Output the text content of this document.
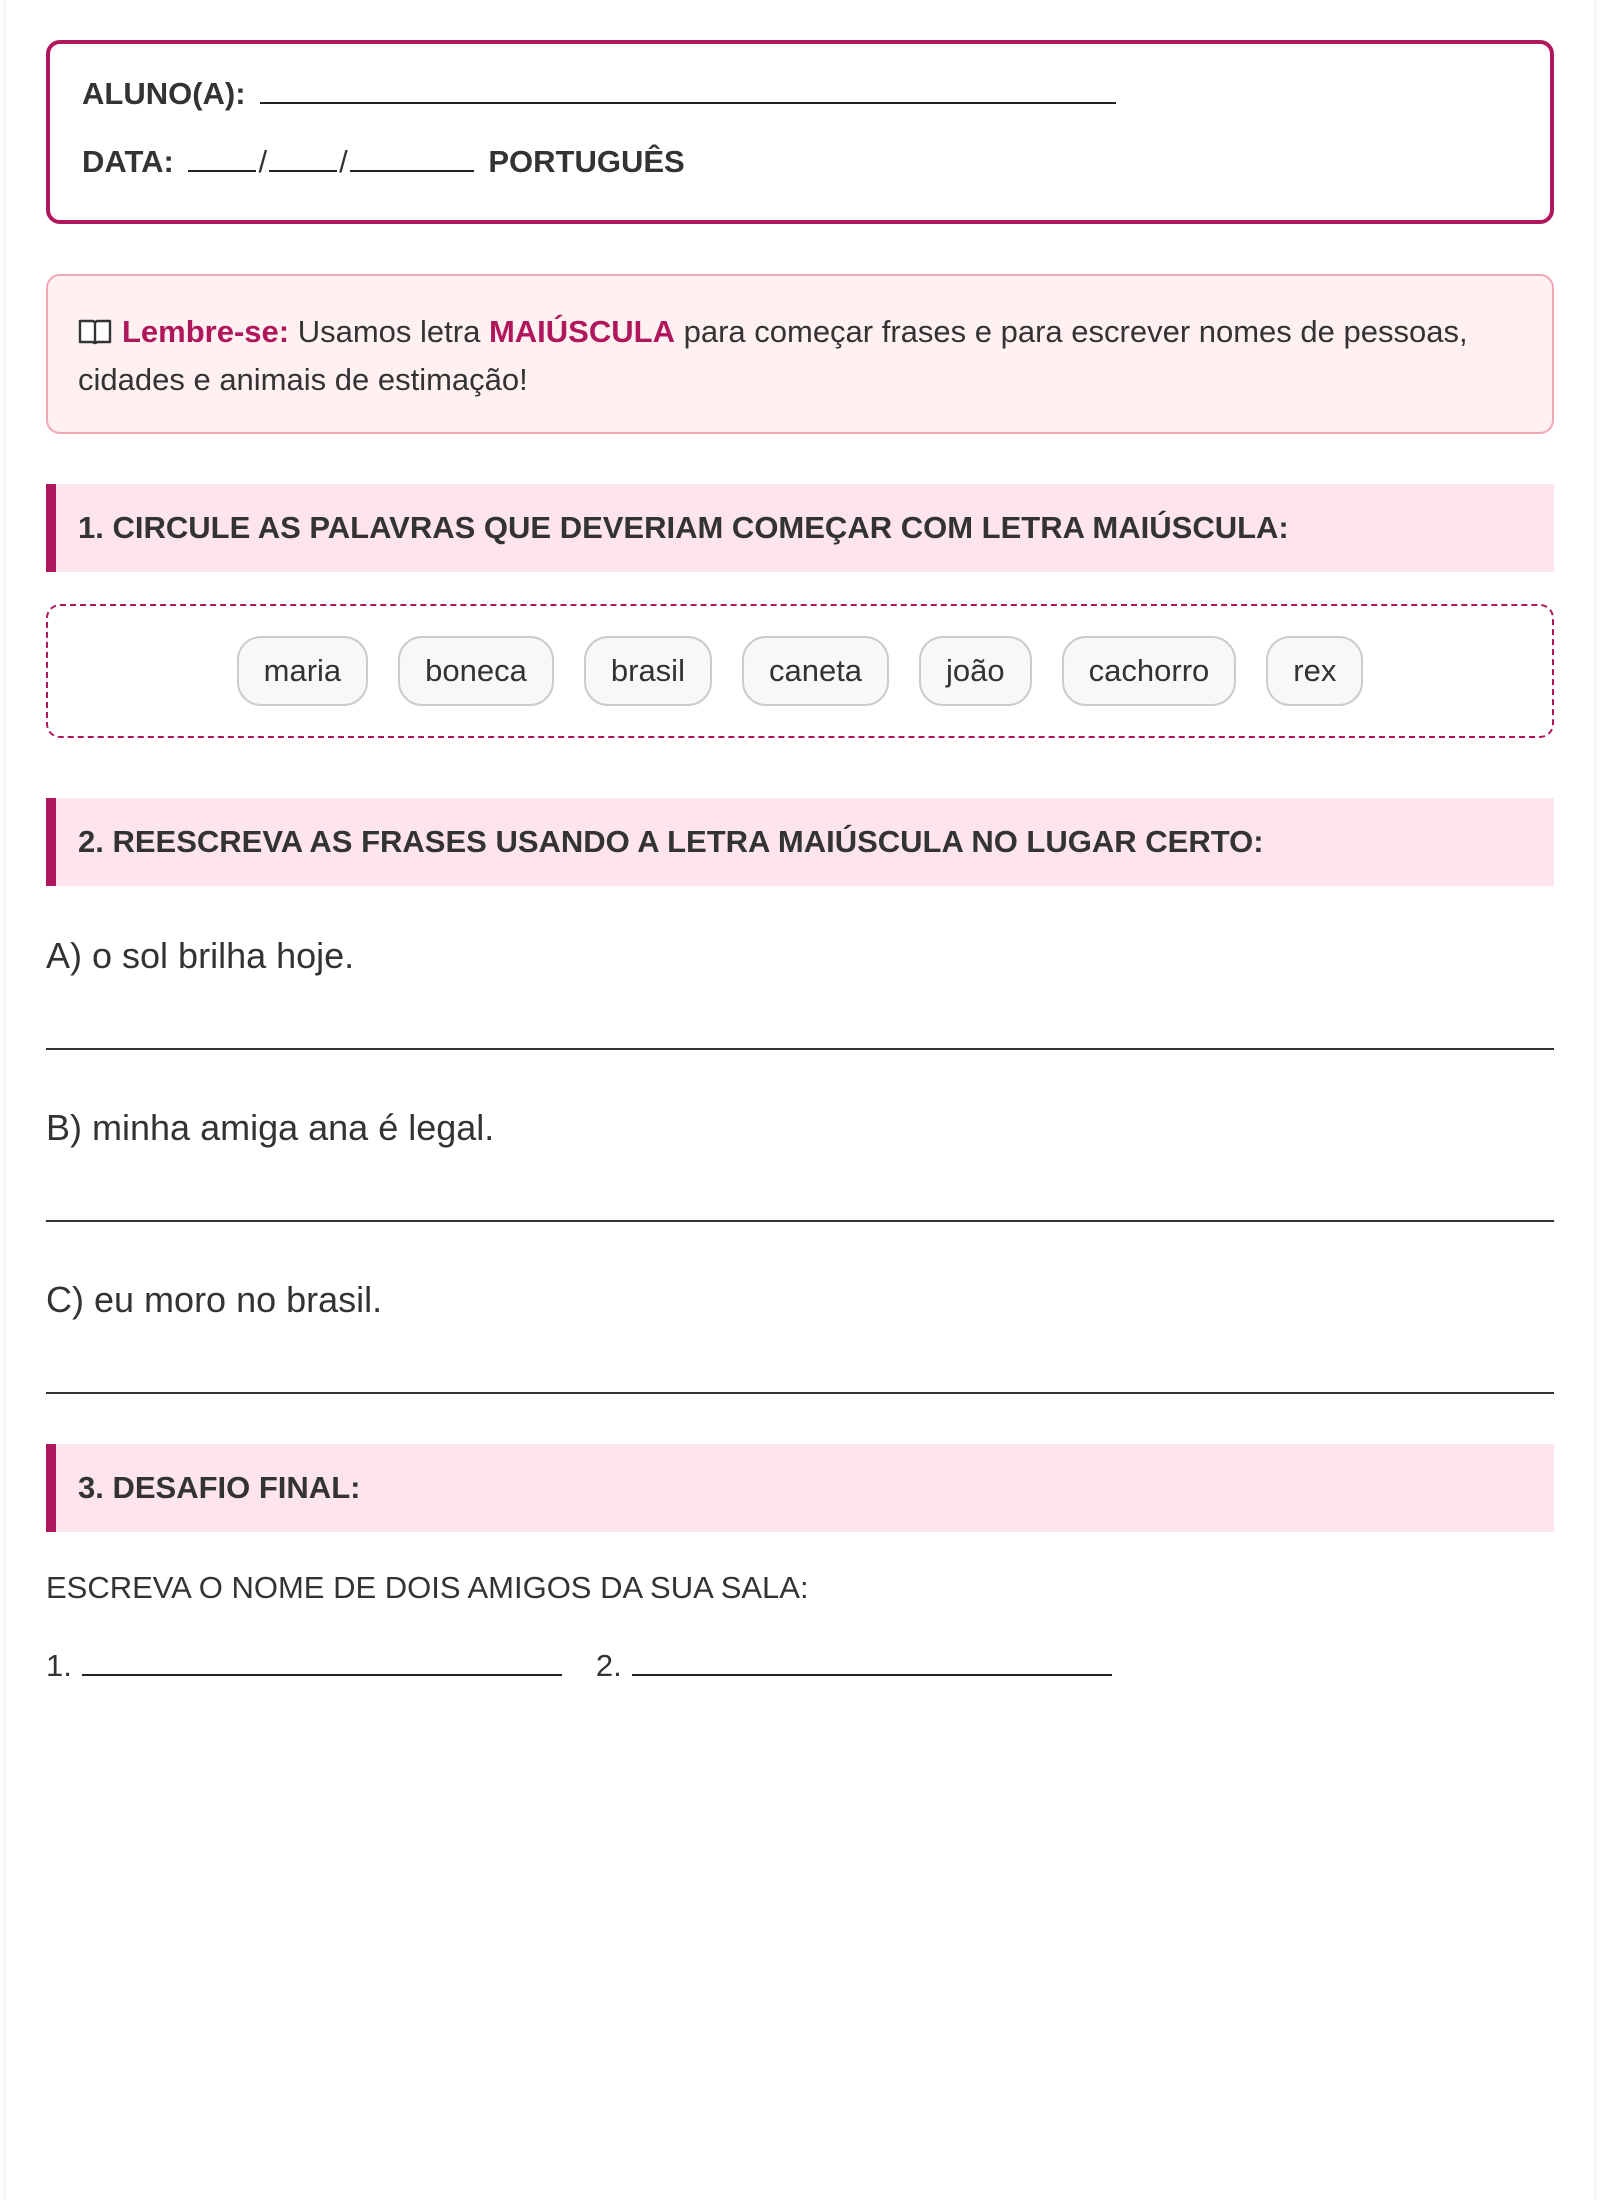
ALUNO(A):
DATA:	/ /	PORTUGUÊS
Lembre-se: Usamos letra MAIÚSCULA para começar frases e para escrever nomes de pessoas, cidades e animais de estimação!
1. CIRCULE AS PALAVRAS QUE DEVERIAM COMEÇAR COM LETRA MAIÚSCULA:
maria	boneca	brasil	caneta	joão	cachorro	rex
2. REESCREVA AS FRASES USANDO A LETRA MAIÚSCULA NO LUGAR CERTO:
A) o sol brilha hoje.
B) minha amiga ana é legal.
C) eu moro no brasil.
3. DESAFIO FINAL:
ESCREVA O NOME DE DOIS AMIGOS DA SUA SALA:
1.	2.
